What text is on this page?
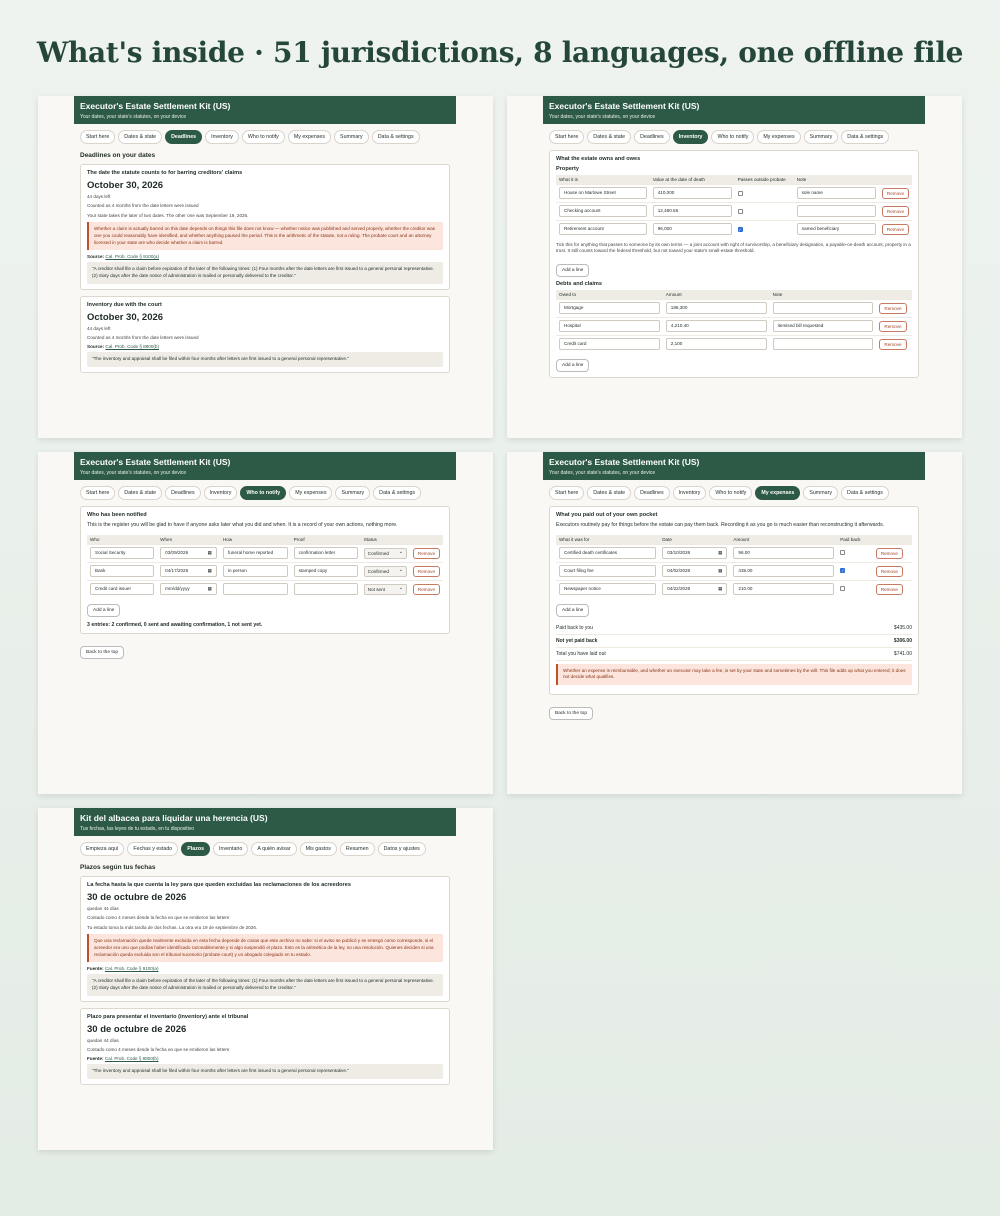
What's inside · 51 jurisdictions, 8 languages, one offline file
Executor's Estate Settlement Kit (US)
Your dates, your state's statutes, on your device
Start here	Dates & state	Deadlines	Inventory	Who to notify	My expenses	Summary	Data & settings
Deadlines on your dates
The date the statute counts to for barring creditors' claims
October 30, 2026
44 days left
Counted as 4 months from the date letters were issued
Your state takes the later of two dates. The other one was September 19, 2026.
Whether a claim is actually barred on this date depends on things this file does not know — whether notice was published and served properly, whether the creditor was one you could reasonably have identified, and whether anything paused the period. This is the arithmetic of the statute, not a ruling. The probate court and an attorney licensed in your state are who decide whether a claim is barred.
Source: Cal. Prob. Code § 9100(a)
"A creditor shall file a claim before expiration of the later of the following times: (1) Four months after the date letters are first issued to a general personal representative. (2) Sixty days after the date notice of administration is mailed or personally delivered to the creditor."
Inventory due with the court
October 30, 2026
44 days left
Counted as 4 months from the date letters were issued
Source: Cal. Prob. Code § 8800(b)
"The inventory and appraisal shall be filed within four months after letters are first issued to a general personal representative."
Executor's Estate Settlement Kit (US)
Your dates, your state's statutes, on your device
Start here	Dates & state	Deadlines	Inventory	Who to notify	My expenses	Summary	Data & settings
What the estate owns and owes
Property
What it is	Value at the date of death	Passes outside probate	Note	
House on Marlowe Street	410,000		sole name	Remove
Checking account	12,480.55			Remove
Retirement account	96,000	✓	named beneficiary	Remove
Tick this for anything that passes to someone by its own terms — a joint account with right of survivorship, a beneficiary designation, a payable-on-death account, property in a trust. It still counts toward the federal threshold, but not toward your state's small-estate threshold.
Add a line
Debts and claims
Owed to	Amount	Note	
Mortgage	188,300		Remove
Hospital	4,210.40	itemised bill requested	Remove
Credit card	2,100		Remove
Add a line
Executor's Estate Settlement Kit (US)
Your dates, your state's statutes, on your device
Start here	Dates & state	Deadlines	Inventory	Who to notify	My expenses	Summary	Data & settings
Who has been notified
This is the register you will be glad to have if anyone asks later what you did and when. It is a record of your own actions, nothing more.
Who	When	How	Proof	Status	
Social Security	03/09/2026 ▦	funeral home reported	confirmation letter	Confirmed ⌄	Remove
Bank	04/17/2026 ▦	in person	stamped copy	Confirmed ⌄	Remove
Credit card issuer	mm/dd/yyyy ▦			Not sent ⌄	Remove
Add a line
3 entries: 2 confirmed, 0 sent and awaiting confirmation, 1 not sent yet.
Back to the top
Executor's Estate Settlement Kit (US)
Your dates, your state's statutes, on your device
Start here	Dates & state	Deadlines	Inventory	Who to notify	My expenses	Summary	Data & settings
What you paid out of your own pocket
Executors routinely pay for things before the estate can pay them back. Recording it as you go is much easier than reconstructing it afterwards.
What it was for	Date	Amount	Paid back	
Certified death certificates	03/10/2026 ▦	96.00		Remove
Court filing fee	04/02/2026 ▦	435.00	✓	Remove
Newspaper notice	04/22/2026 ▦	210.00		Remove
Add a line
Paid back to you	$435.00
Not yet paid back	$306.00
Total you have laid out	$741.00
Whether an expense is reimbursable, and whether an executor may take a fee, is set by your state and sometimes by the will. This file adds up what you entered; it does not decide what qualifies.
Back to the top
Kit del albacea para liquidar una herencia (US)
Tus fechas, las leyes de tu estado, en tu dispositivo
Empieza aquí	Fechas y estado	Plazos	Inventario	A quién avisar	Mis gastos	Resumen	Datos y ajustes
Plazos según tus fechas
La fecha hasta la que cuenta la ley para que queden excluidas las reclamaciones de los acreedores
30 de octubre de 2026
quedan 44 días
Contado como 4 meses desde la fecha en que se emitieron las letters
Tu estado toma la más tardía de dos fechas. La otra era 19 de septiembre de 2026.
Que una reclamación quede realmente excluida en esta fecha depende de cosas que este archivo no sabe: si el aviso se publicó y se entregó como corresponde, si el acreedor era uno que podías haber identificado razonablemente y si algo suspendió el plazo. Esto es la aritmética de la ley, no una resolución. Quienes deciden si una reclamación queda excluida son el tribunal sucesorio (probate court) y un abogado colegiado en tu estado.
Fuente: Cal. Prob. Code § 9100(a)
"A creditor shall file a claim before expiration of the later of the following times: (1) Four months after the date letters are first issued to a general personal representative. (2) Sixty days after the date notice of administration is mailed or personally delivered to the creditor."
Plazo para presentar el inventario (inventory) ante el tribunal
30 de octubre de 2026
quedan 44 días
Contado como 4 meses desde la fecha en que se emitieron las letters
Fuente: Cal. Prob. Code § 8800(b)
"The inventory and appraisal shall be filed within four months after letters are first issued to a general personal representative."
